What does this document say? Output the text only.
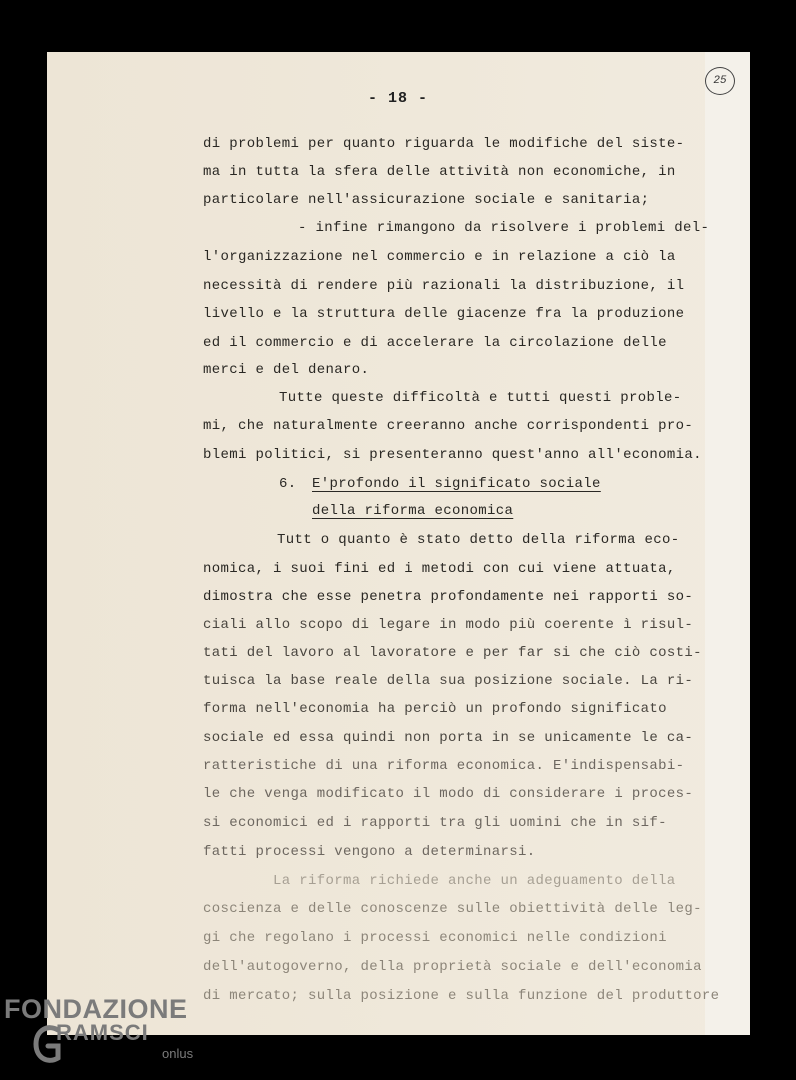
25
- 18 -
di problemi per quanto riguarda le modifiche del siste-
ma in tutta la sfera delle attività non economiche, in
particolare nell'assicurazione sociale e sanitaria;
- infine rimangono da risolvere i problemi del-
l'organizzazione nel commercio e in relazione a ciò la
necessità di rendere più razionali la distribuzione, il
livello e la struttura delle giacenze fra la produzione
ed il commercio e di accelerare la circolazione delle
merci e del denaro.
Tutte queste difficoltà e tutti questi proble-
mi, che naturalmente creeranno anche corrispondenti pro-
blemi politici, si presenteranno quest'anno all'economia.
6. E'profondo il significato sociale
della riforma economica
Tutt o quanto è stato detto della riforma eco-
nomica, i suoi fini ed i metodi con cui viene attuata,
dimostra che esse penetra profondamente nei rapporti so-
ciali allo scopo di legare in modo più coerente ì risul-
tati del lavoro al lavoratore e per far si che ciò costi-
tuisca la base reale della sua posizione sociale. La ri-
forma nell'economia ha perciò un profondo significato
sociale ed essa quindi non porta in se unicamente le ca-
ratteristiche di una riforma economica. E'indispensabi-
le che venga modificato il modo di considerare i proces-
si economici ed i rapporti tra gli uomini che in sif-
fatti processi vengono a determinarsi.
La riforma richiede anche un adeguamento della
coscienza e delle conoscenze sulle obiettività delle leg-
gi che regolano i processi economici nelle condizioni
dell'autogoverno, della proprietà sociale e dell'economia
di mercato; sulla posizione e sulla funzione del produttore
FONDAZIONE
RAMSCI
onlus
